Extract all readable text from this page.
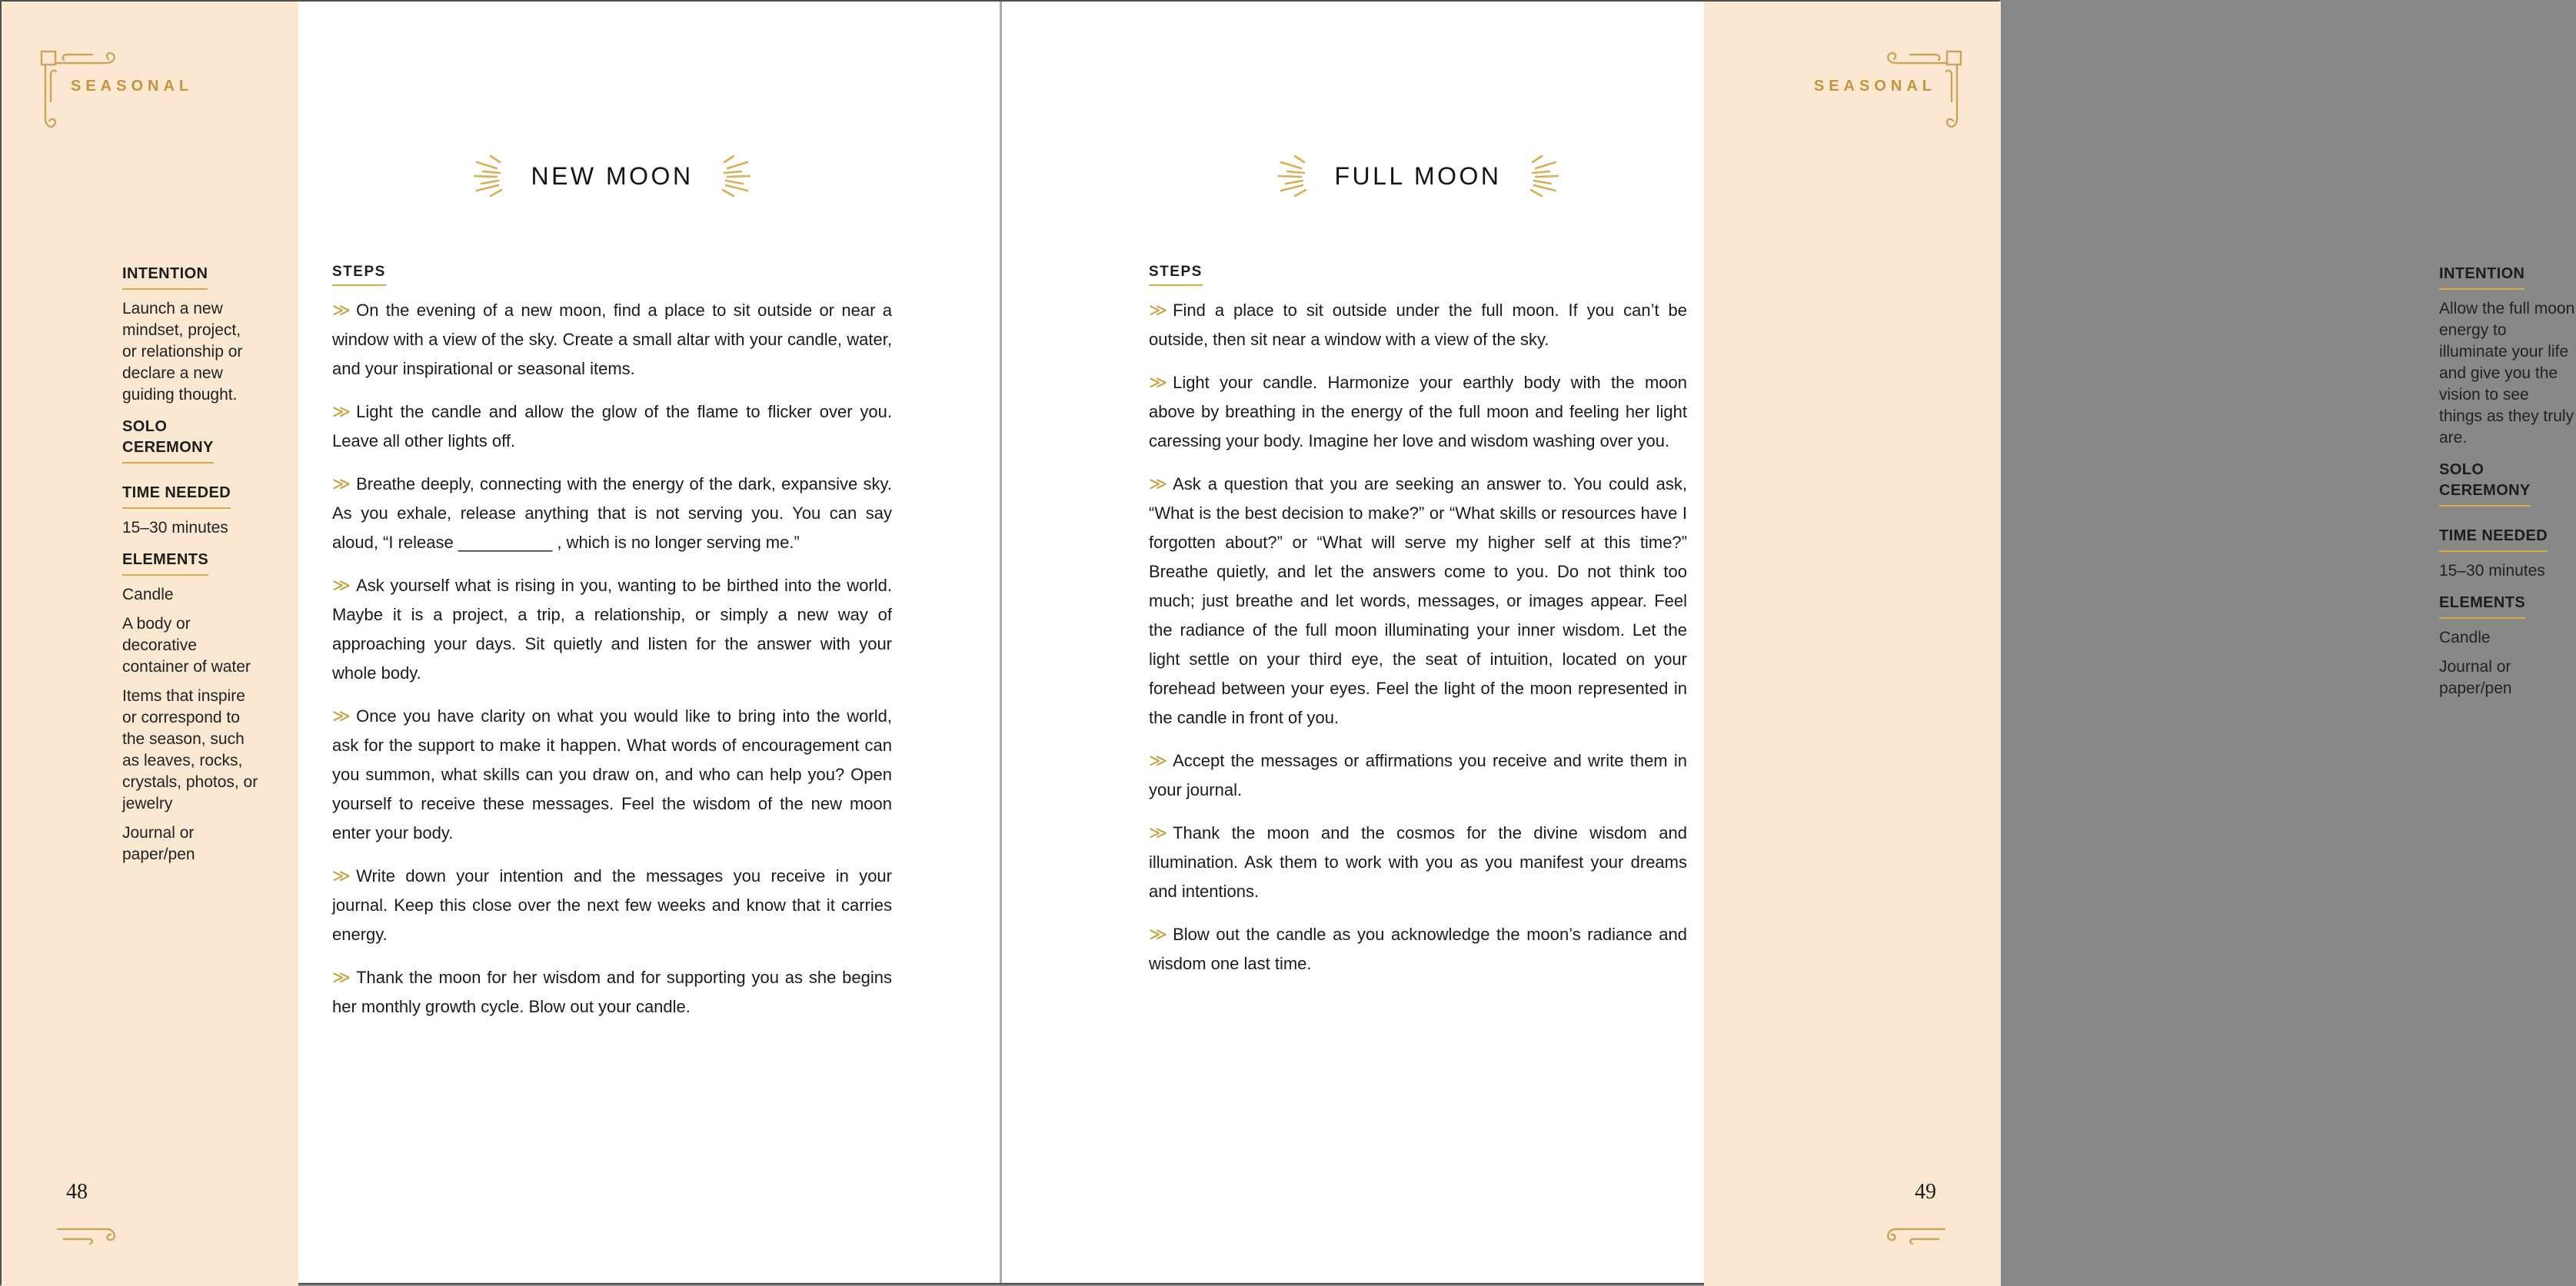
SEASONAL
INTENTION

Launch a new mindset, project, or relationship or declare a new guiding thought.

SOLO CEREMONY
TIME NEEDED

15–30 minutes

ELEMENTS

Candle

A body or decorative container of water

Items that inspire or correspond to the season, such as leaves, rocks, crystals, photos, or jewelry

Journal or paper/pen

48
NEW MOON
STEPS

≫ On the evening of a new moon, find a place to sit outside or near a window with a view of the sky. Create a small altar with your candle, water, and your inspirational or seasonal items.

≫ Light the candle and allow the glow of the flame to flicker over you. Leave all other lights off.

≫ Breathe deeply, connecting with the energy of the dark, expansive sky. As you exhale, release anything that is not serving you. You can say aloud, “I release __________ , which is no longer serving me.”

≫ Ask yourself what is rising in you, wanting to be birthed into the world. Maybe it is a project, a trip, a relationship, or simply a new way of approaching your days. Sit quietly and listen for the answer with your whole body.

≫ Once you have clarity on what you would like to bring into the world, ask for the support to make it happen. What words of encouragement can you summon, what skills can you draw on, and who can help you? Open yourself to receive these messages. Feel the wisdom of the new moon enter your body.

≫ Write down your intention and the messages you receive in your journal. Keep this close over the next few weeks and know that it carries energy.

≫ Thank the moon for her wisdom and for supporting you as she begins her monthly growth cycle. Blow out your candle.

SEASONAL
INTENTION

Allow the full moon energy to illuminate your life and give you the vision to see things as they truly are.

SOLO CEREMONY
TIME NEEDED

15–30 minutes

ELEMENTS

Candle

Journal or paper/pen

49
FULL MOON
STEPS

≫ Find a place to sit outside under the full moon. If you can’t be outside, then sit near a window with a view of the sky.

≫ Light your candle. Harmonize your earthly body with the moon above by breathing in the energy of the full moon and feeling her light caressing your body. Imagine her love and wisdom washing over you.

≫ Ask a question that you are seeking an answer to. You could ask, “What is the best decision to make?” or “What skills or resources have I forgotten about?” or “What will serve my higher self at this time?” Breathe quietly, and let the answers come to you. Do not think too much; just breathe and let words, messages, or images appear. Feel the radiance of the full moon illuminating your inner wisdom. Let the light settle on your third eye, the seat of intuition, located on your forehead between your eyes. Feel the light of the moon represented in the candle in front of you.

≫ Accept the messages or affirmations you receive and write them in your journal.

≫ Thank the moon and the cosmos for the divine wisdom and illumination. Ask them to work with you as you manifest your dreams and intentions.

≫ Blow out the candle as you acknowledge the moon’s radiance and wisdom one last time.
